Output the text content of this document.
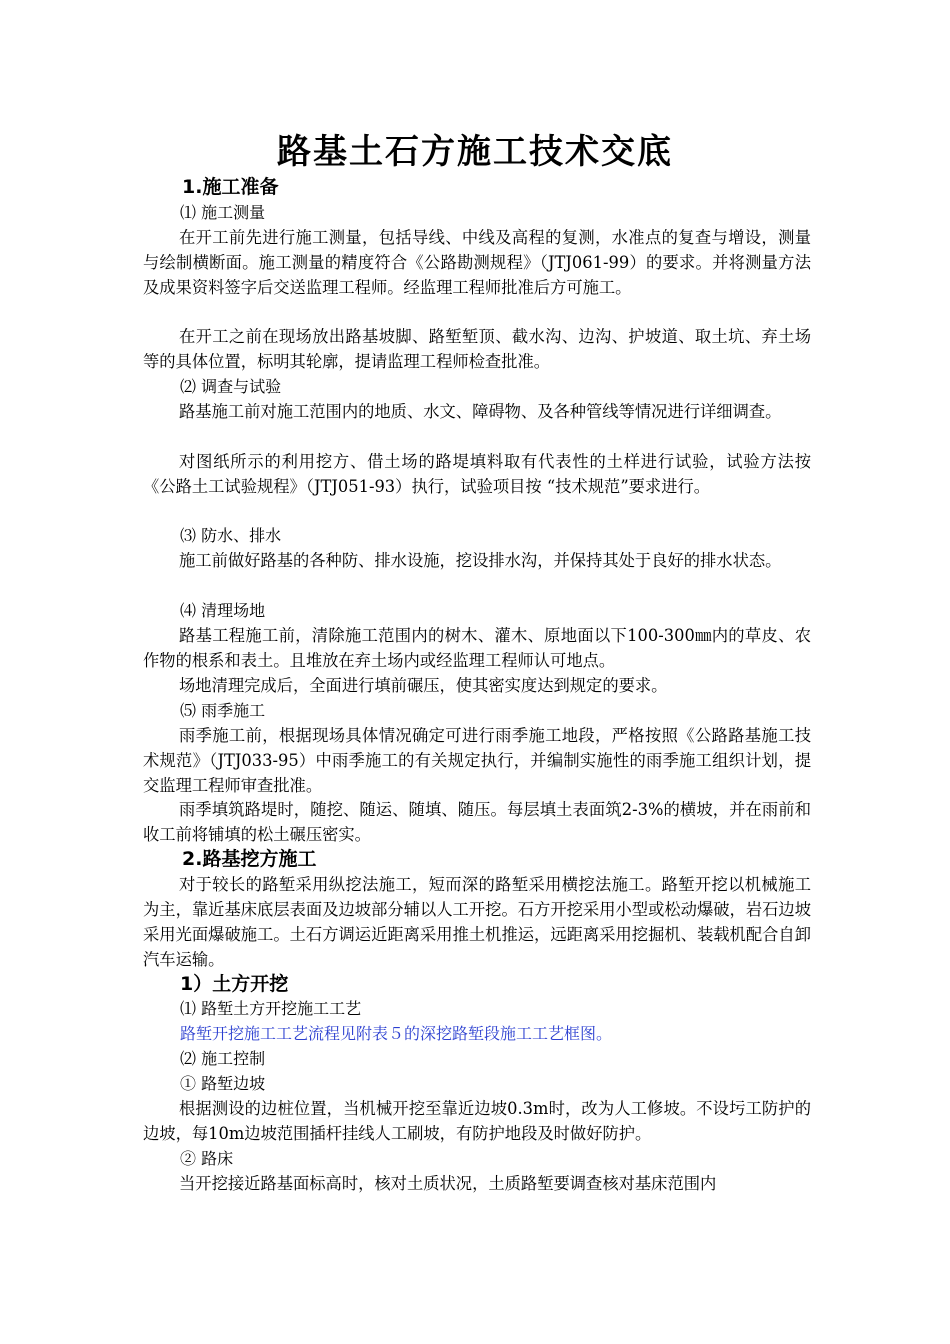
路基土石方施工技术交底
1.施工准备
⑴ 施工测量

在开工前先进行施工测量，包括导线、中线及高程的复测，水准点的复查与增设，测量与绘制横断面。施工测量的精度符合《公路勘测规程》（JTJ061-99）的要求。并将测量方法及成果资料签字后交送监理工程师。经监理工程师批准后方可施工。

在开工之前在现场放出路基坡脚、路堑堑顶、截水沟、边沟、护坡道、取土坑、弃土场等的具体位置，标明其轮廓，提请监理工程师检查批准。

⑵ 调查与试验

路基施工前对施工范围内的地质、水文、障碍物、及各种管线等情况进行详细调查。

对图纸所示的利用挖方、借土场的路堤填料取有代表性的土样进行试验，试验方法按《公路土工试验规程》（JTJ051-93）执行，试验项目按 “技术规范”要求进行。

⑶ 防水、排水

施工前做好路基的各种防、排水设施，挖设排水沟，并保持其处于良好的排水状态。

⑷ 清理场地

路基工程施工前，清除施工范围内的树木、灌木、原地面以下100-300㎜内的草皮、农作物的根系和表土。且堆放在弃土场内或经监理工程师认可地点。

场地清理完成后，全面进行填前碾压，使其密实度达到规定的要求。

⑸ 雨季施工

雨季施工前，根据现场具体情况确定可进行雨季施工地段，严格按照《公路路基施工技术规范》（JTJ033-95）中雨季施工的有关规定执行，并编制实施性的雨季施工组织计划，提交监理工程师审查批准。

雨季填筑路堤时，随挖、随运、随填、随压。每层填土表面筑2-3%的横坡，并在雨前和收工前将铺填的松土碾压密实。

2.路基挖方施工

对于较长的路堑采用纵挖法施工，短而深的路堑采用横挖法施工。路堑开挖以机械施工为主，靠近基床底层表面及边坡部分辅以人工开挖。石方开挖采用小型或松动爆破，岩石边坡采用光面爆破施工。土石方调运近距离采用推土机推运，远距离采用挖掘机、装载机配合自卸汽车运输。

1）土方开挖
⑴ 路堑土方开挖施工工艺
路堑开挖施工工艺流程见附表５的深挖路堑段施工工艺框图。
⑵ 施工控制
① 路堑边坡

根据测设的边桩位置，当机械开挖至靠近边坡0.3m时，改为人工修坡。不设圬工防护的边坡，每10m边坡范围插杆挂线人工刷坡，有防护地段及时做好防护。

② 路床

当开挖接近路基面标高时，核对土质状况，土质路堑要调查核对基床范围内
